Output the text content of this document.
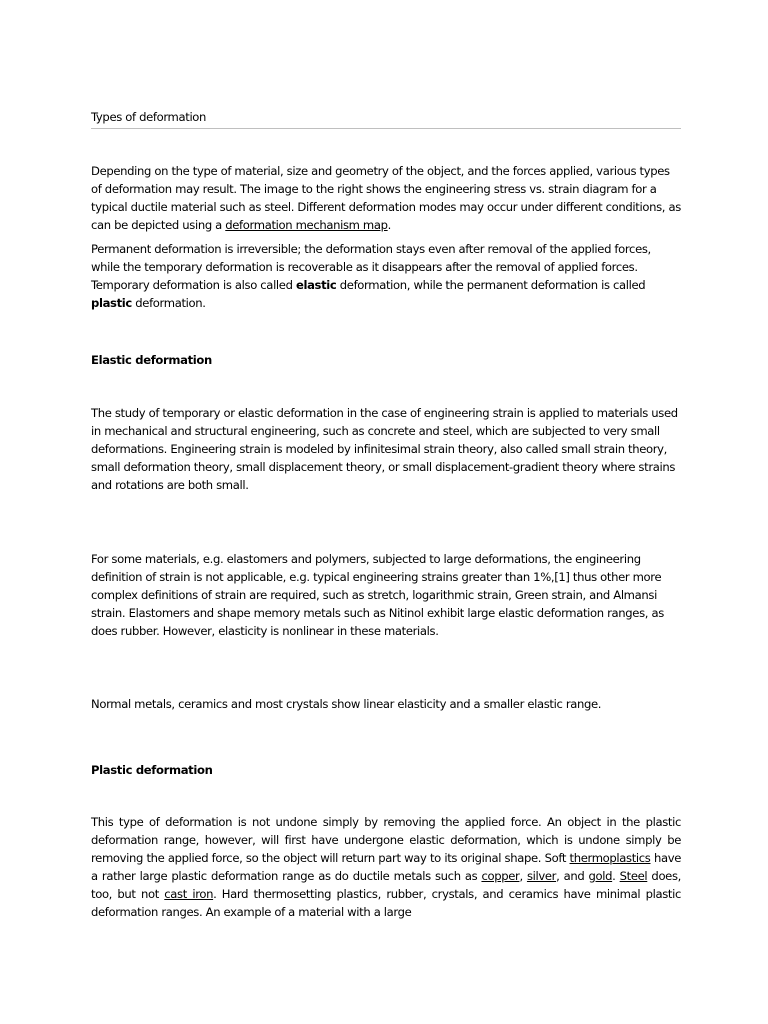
Types of deformation
Depending on the type of material, size and geometry of the object, and the forces applied, various types of deformation may result. The image to the right shows the engineering stress vs. strain diagram for a typical ductile material such as steel. Different deformation modes may occur under different conditions, as can be depicted using a deformation mechanism map.
Permanent deformation is irreversible; the deformation stays even after removal of the applied forces, while the temporary deformation is recoverable as it disappears after the removal of applied forces. Temporary deformation is also called elastic deformation, while the permanent deformation is called plastic deformation.
Elastic deformation
The study of temporary or elastic deformation in the case of engineering strain is applied to materials used in mechanical and structural engineering, such as concrete and steel, which are subjected to very small deformations. Engineering strain is modeled by infinitesimal strain theory, also called small strain theory, small deformation theory, small displacement theory, or small displacement-gradient theory where strains and rotations are both small.
For some materials, e.g. elastomers and polymers, subjected to large deformations, the engineering definition of strain is not applicable, e.g. typical engineering strains greater than 1%,[1] thus other more complex definitions of strain are required, such as stretch, logarithmic strain, Green strain, and Almansi strain. Elastomers and shape memory metals such as Nitinol exhibit large elastic deformation ranges, as does rubber. However, elasticity is nonlinear in these materials.
Normal metals, ceramics and most crystals show linear elasticity and a smaller elastic range.
Plastic deformation
This type of deformation is not undone simply by removing the applied force. An object in the plastic deformation range, however, will first have undergone elastic deformation, which is undone simply be removing the applied force, so the object will return part way to its original shape. Soft thermoplastics have a rather large plastic deformation range as do ductile metals such as copper, silver, and gold. Steel does, too, but not cast iron. Hard thermosetting plastics, rubber, crystals, and ceramics have minimal plastic deformation ranges. An example of a material with a large
